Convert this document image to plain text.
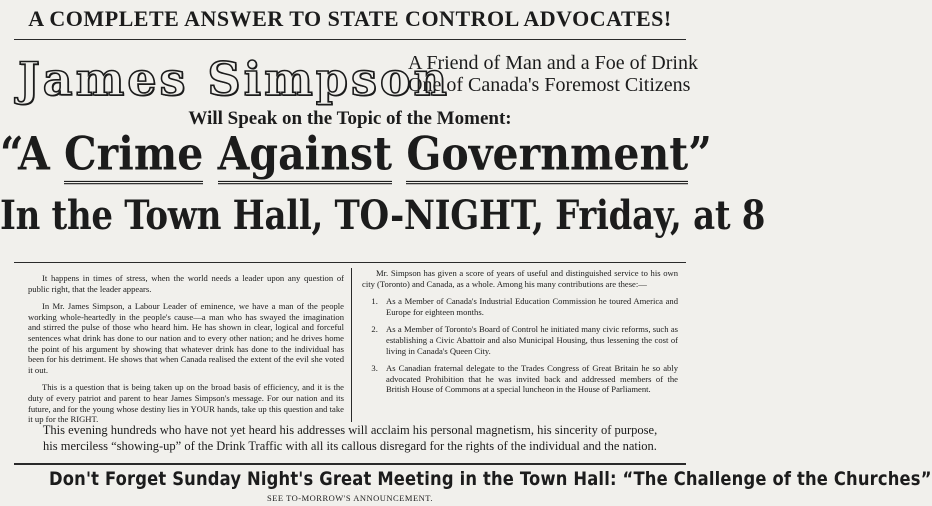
A COMPLETE ANSWER TO STATE CONTROL ADVOCATES!
James Simpson
A Friend of Man and a Foe of Drink
One of Canada's Foremost Citizens
Will Speak on the Topic of the Moment:
“A Crime Against Government”
In the Town Hall, TO-NIGHT, Friday, at 8

It happens in times of stress, when the world needs a leader upon any question of public right, that the leader appears.

In Mr. James Simpson, a Labour Leader of eminence, we have a man of the people working whole-heartedly in the people's cause—a man who has swayed the imagination and stirred the pulse of those who heard him. He has shown in clear, logical and forceful sentences what drink has done to our nation and to every other nation; and he drives home the point of his argument by showing that whatever drink has done to the individual has been for his detriment. He shows that when Canada realised the extent of the evil she voted it out.

This is a question that is being taken up on the broad basis of efficiency, and it is the duty of every patriot and parent to hear James Simpson's message. For our nation and its future, and for the young whose destiny lies in YOUR hands, take up this question and take it up for the RIGHT.

Mr. Simpson has given a score of years of useful and distinguished service to his own city (Toronto) and Canada, as a whole. Among his many contributions are these:—

1. As a Member of Canada's Industrial Education Commission he toured America and Europe for eighteen months.
2. As a Member of Toronto's Board of Control he initiated many civic reforms, such as establishing a Civic Abattoir and also Municipal Housing, thus lessening the cost of living in Canada's Queen City.
3. As Canadian fraternal delegate to the Trades Congress of Great Britain he so ably advocated Prohibition that he was invited back and addressed members of the British House of Commons at a special luncheon in the House of Parliament.
This evening hundreds who have not yet heard his addresses will acclaim his personal magnetism, his sincerity of purpose, his merciless “showing-up” of the Drink Traffic with all its callous disregard for the rights of the individual and the nation.
Don't Forget Sunday Night's Great Meeting in the Town Hall: “The Challenge of the Churches”
SEE TO-MORROW'S ANNOUNCEMENT.
